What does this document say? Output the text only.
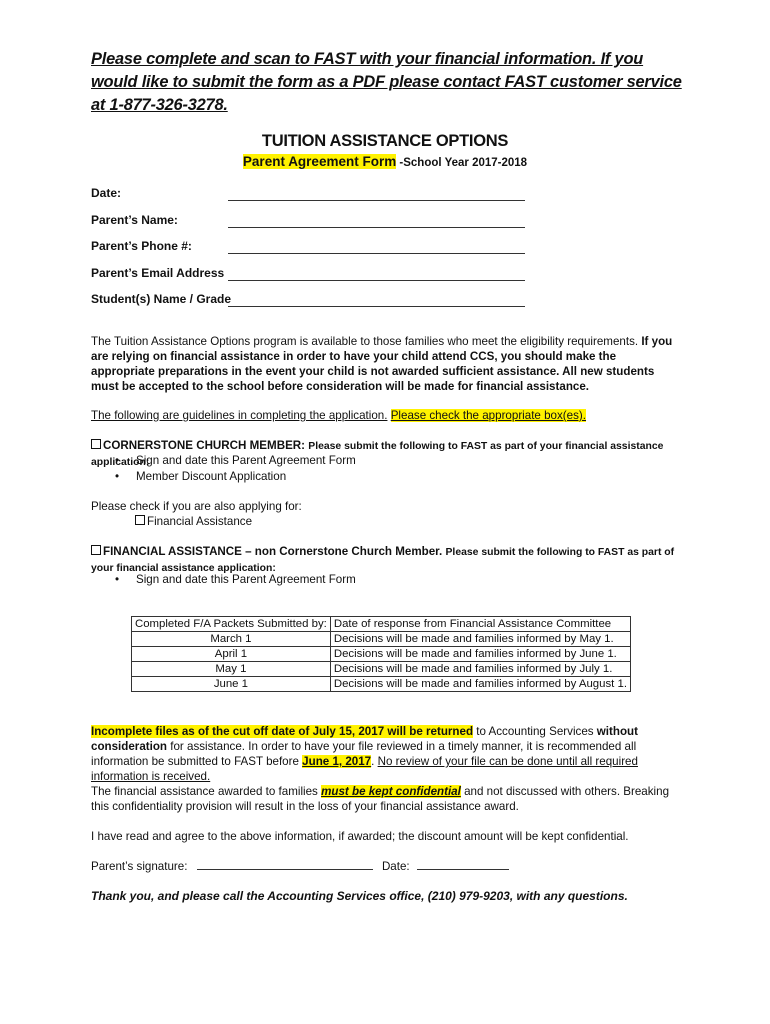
Please complete and scan to FAST with your financial information. If you would like to submit the form as a PDF please contact FAST customer service at 1-877-326-3278.
TUITION ASSISTANCE OPTIONS
Parent Agreement Form -School Year 2017-2018
Date:
Parent’s Name:
Parent’s Phone #:
Parent’s Email Address
Student(s) Name / Grade
The Tuition Assistance Options program is available to those families who meet the eligibility requirements. If you are relying on financial assistance in order to have your child attend CCS, you should make the appropriate preparations in the event your child is not awarded sufficient assistance. All new students must be accepted to the school before consideration will be made for financial assistance.
The following are guidelines in completing the application. Please check the appropriate box(es).
CORNERSTONE CHURCH MEMBER: Please submit the following to FAST as part of your financial assistance application:
• Sign and date this Parent Agreement Form
• Member Discount Application
Please check if you are also applying for:
Financial Assistance
FINANCIAL ASSISTANCE – non Cornerstone Church Member. Please submit the following to FAST as part of your financial assistance application:
• Sign and date this Parent Agreement Form
Completed F/A Packets Submitted by:	Date of response from Financial Assistance Committee
March 1	Decisions will be made and families informed by May 1.
April 1	Decisions will be made and families informed by June 1.
May 1	Decisions will be made and families informed by July 1.
June 1	Decisions will be made and families informed by August 1.
Incomplete files as of the cut off date of July 15, 2017 will be returned to Accounting Services without consideration for assistance. In order to have your file reviewed in a timely manner, it is recommended all information be submitted to FAST before June 1, 2017. No review of your file can be done until all required information is received.
The financial assistance awarded to families must be kept confidential and not discussed with others. Breaking this confidentiality provision will result in the loss of your financial assistance award.
I have read and agree to the above information, if awarded; the discount amount will be kept confidential.
Parent’s signature:	Date:
Thank you, and please call the Accounting Services office, (210) 979-9203, with any questions.
